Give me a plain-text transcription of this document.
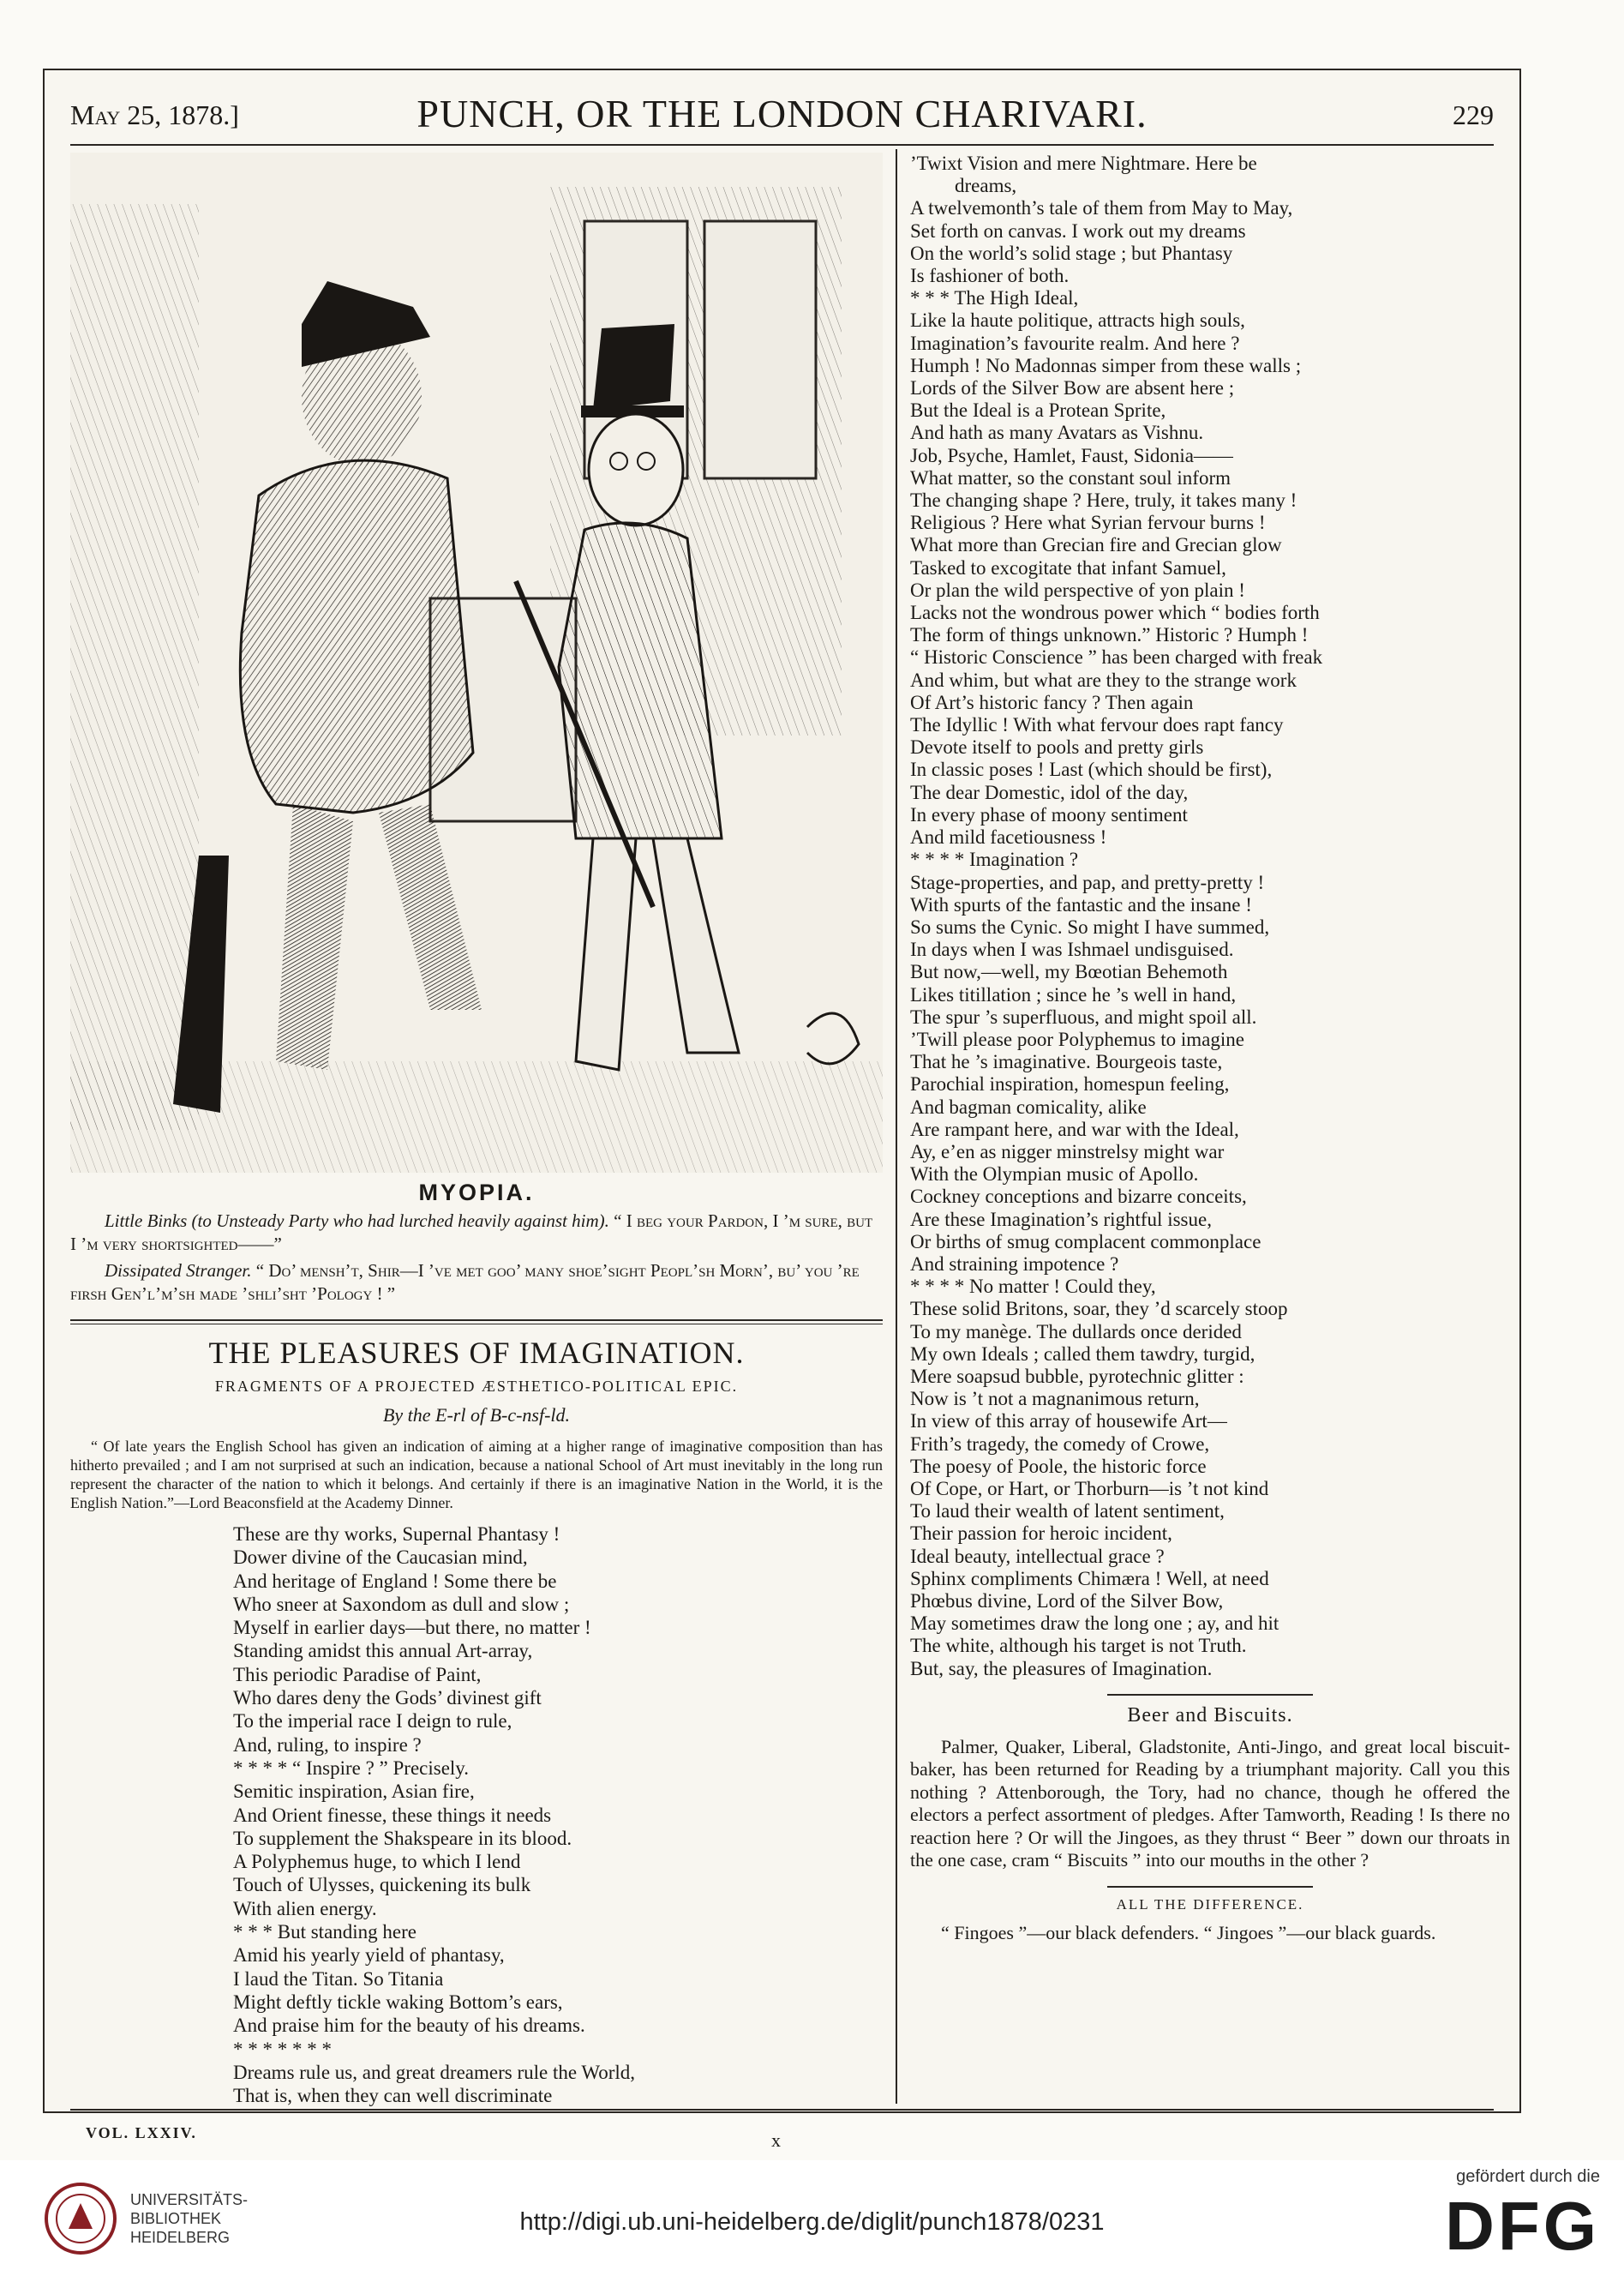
May 25, 1878.]	PUNCH, OR THE LONDON CHARIVARI.	229
MYOPIA.
Little Binks (to Unsteady Party who had lurched heavily against him). “ I beg your Pardon, I ’m sure, but I ’m very shortsighted——”
Dissipated Stranger. “ Do’ mensh’t, Shir—I ’ve met goo’ many shoe’sight Peopl’sh Morn’, bu’ you ’re firsh Gen’l’m’sh made ’shli’sht ’Pology ! ”
THE PLEASURES OF IMAGINATION.
FRAGMENTS OF A PROJECTED ÆSTHETICO-POLITICAL EPIC.
By the E-rl of B-c-nsf-ld.
“ Of late years the English School has given an indication of aiming at a higher range of imaginative composition than has hitherto prevailed ; and I am not surprised at such an indication, because a national School of Art must inevitably in the long run represent the character of the nation to which it belongs. And certainly if there is an imaginative Nation in the World, it is the English Nation.”—Lord Beaconsfield at the Academy Dinner.
These are thy works, Supernal Phantasy !
Dower divine of the Caucasian mind,
And heritage of England ! Some there be
Who sneer at Saxondom as dull and slow ;
Myself in earlier days—but there, no matter !
Standing amidst this annual Art-array,
This periodic Paradise of Paint,
Who dares deny the Gods’ divinest gift
To the imperial race I deign to rule,
And, ruling, to inspire ?
* * * * “ Inspire ? ” Precisely.
Semitic inspiration, Asian fire,
And Orient finesse, these things it needs
To supplement the Shakspeare in its blood.
A Polyphemus huge, to which I lend
Touch of Ulysses, quickening its bulk
With alien energy.
* * * But standing here
Amid his yearly yield of phantasy,
I laud the Titan. So Titania
Might deftly tickle waking Bottom’s ears,
And praise him for the beauty of his dreams.
* * * * * * *
Dreams rule us, and great dreamers rule the World,
That is, when they can well discriminate
’Twixt Vision and mere Nightmare. Here be
dreams,
A twelvemonth’s tale of them from May to May,
Set forth on canvas. I work out my dreams
On the world’s solid stage ; but Phantasy
Is fashioner of both.
* * * The High Ideal,
Like la haute politique, attracts high souls,
Imagination’s favourite realm. And here ?
Humph ! No Madonnas simper from these walls ;
Lords of the Silver Bow are absent here ;
But the Ideal is a Protean Sprite,
And hath as many Avatars as Vishnu.
Job, Psyche, Hamlet, Faust, Sidonia——
What matter, so the constant soul inform
The changing shape ? Here, truly, it takes many !
Religious ? Here what Syrian fervour burns !
What more than Grecian fire and Grecian glow
Tasked to excogitate that infant Samuel,
Or plan the wild perspective of yon plain !
Lacks not the wondrous power which “ bodies forth
The form of things unknown.” Historic ? Humph !
“ Historic Conscience ” has been charged with freak
And whim, but what are they to the strange work
Of Art’s historic fancy ? Then again
The Idyllic ! With what fervour does rapt fancy
Devote itself to pools and pretty girls
In classic poses ! Last (which should be first),
The dear Domestic, idol of the day,
In every phase of moony sentiment
And mild facetiousness !
* * * * Imagination ?
Stage-properties, and pap, and pretty-pretty !
With spurts of the fantastic and the insane !
So sums the Cynic. So might I have summed,
In days when I was Ishmael undisguised.
But now,—well, my Bœotian Behemoth
Likes titillation ; since he ’s well in hand,
The spur ’s superfluous, and might spoil all.
’Twill please poor Polyphemus to imagine
That he ’s imaginative. Bourgeois taste,
Parochial inspiration, homespun feeling,
And bagman comicality, alike
Are rampant here, and war with the Ideal,
Ay, e’en as nigger minstrelsy might war
With the Olympian music of Apollo.
Cockney conceptions and bizarre conceits,
Are these Imagination’s rightful issue,
Or births of smug complacent commonplace
And straining impotence ?
* * * * No matter ! Could they,
These solid Britons, soar, they ’d scarcely stoop
To my manège. The dullards once derided
My own Ideals ; called them tawdry, turgid,
Mere soapsud bubble, pyrotechnic glitter :
Now is ’t not a magnanimous return,
In view of this array of housewife Art—
Frith’s tragedy, the comedy of Crowe,
The poesy of Poole, the historic force
Of Cope, or Hart, or Thorburn—is ’t not kind
To laud their wealth of latent sentiment,
Their passion for heroic incident,
Ideal beauty, intellectual grace ?
Sphinx compliments Chimæra ! Well, at need
Phœbus divine, Lord of the Silver Bow,
May sometimes draw the long one ; ay, and hit
The white, although his target is not Truth.
But, say, the pleasures of Imagination.
Beer and Biscuits.
Palmer, Quaker, Liberal, Gladstonite, Anti-Jingo, and great local biscuit-baker, has been returned for Reading by a triumphant majority. Call you this nothing ? Attenborough, the Tory, had no chance, though he offered the electors a perfect assortment of pledges. After Tamworth, Reading ! Is there no reaction here ? Or will the Jingoes, as they thrust “ Beer ” down our throats in the one case, cram “ Biscuits ” into our mouths in the other ?
ALL THE DIFFERENCE.
“ Fingoes ”—our black defenders. “ Jingoes ”—our black guards.
VOL. LXXIV.	x
UNIVERSITÄTS-
BIBLIOTHEK
HEIDELBERG
http://digi.ub.uni-heidelberg.de/diglit/punch1878/0231
gefördert durch die
DFG
